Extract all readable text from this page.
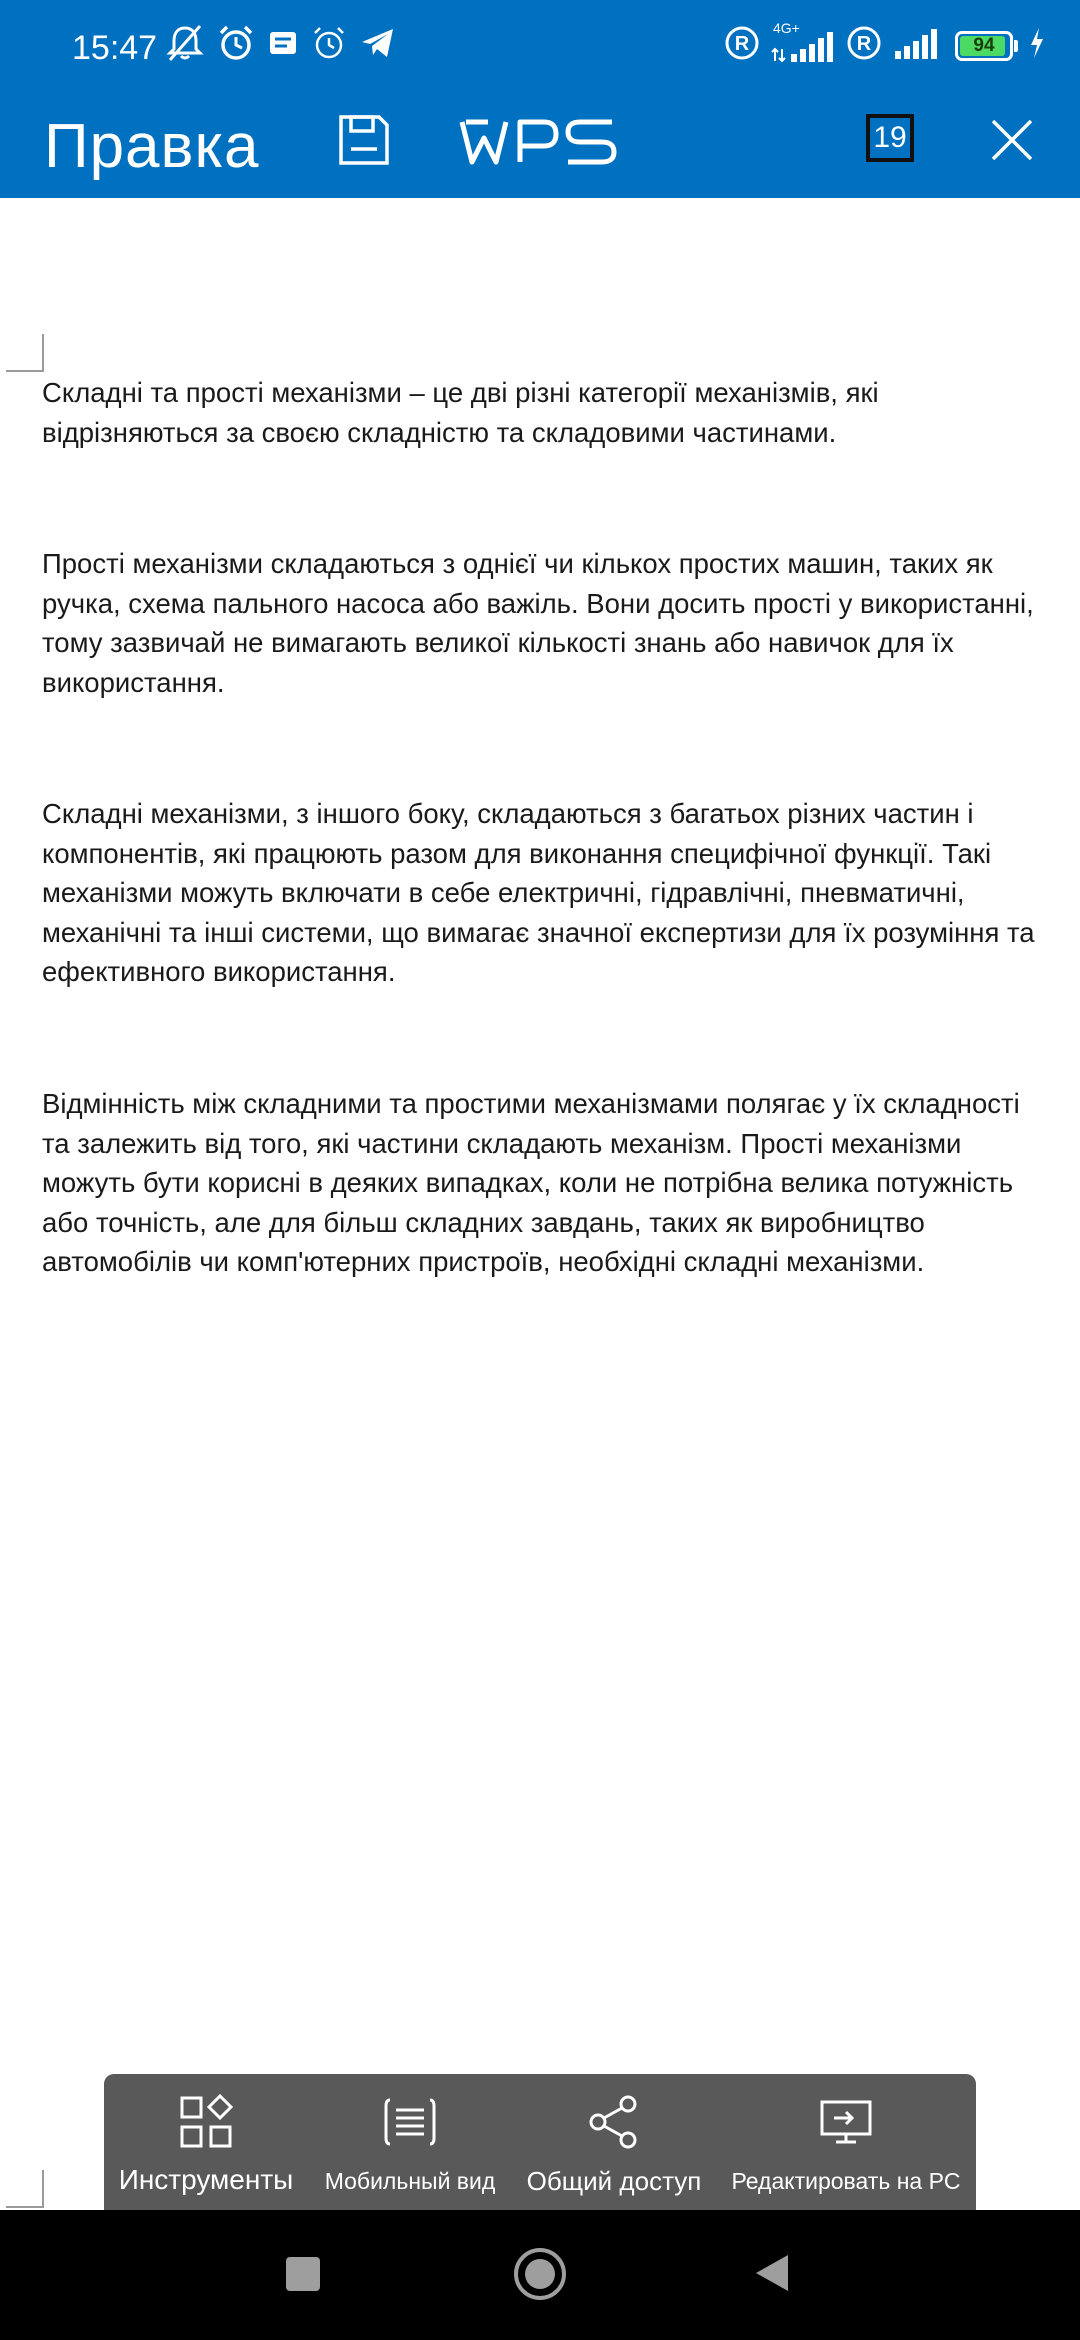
15:47	R
4G+
R	94
Правка	19

Складні та прості механізми – це дві різні категорії механізмів, які
відрізняються за своєю складністю та складовими частинами.

Прості механізми складаються з однієї чи кількох простих машин, таких як
ручка, схема пального насоса або важіль. Вони досить прості у використанні,
тому зазвичай не вимагають великої кількості знань або навичок для їх
використання.

Складні механізми, з іншого боку, складаються з багатьох різних частин і
компонентів, які працюють разом для виконання специфічної функції. Такі
механізми можуть включати в себе електричні, гідравлічні, пневматичні,
механічні та інші системи, що вимагає значної експертизи для їх розуміння та
ефективного використання.

Відмінність між складними та простими механізмами полягає у їх складності
та залежить від того, які частини складають механізм. Прості механізми
можуть бути корисні в деяких випадках, коли не потрібна велика потужність
або точність, але для більш складних завдань, таких як виробництво
автомобілів чи комп'ютерних пристроїв, необхідні складні механізми.

Инструменты Мобильный вид Общий доступ Редактировать на PC
